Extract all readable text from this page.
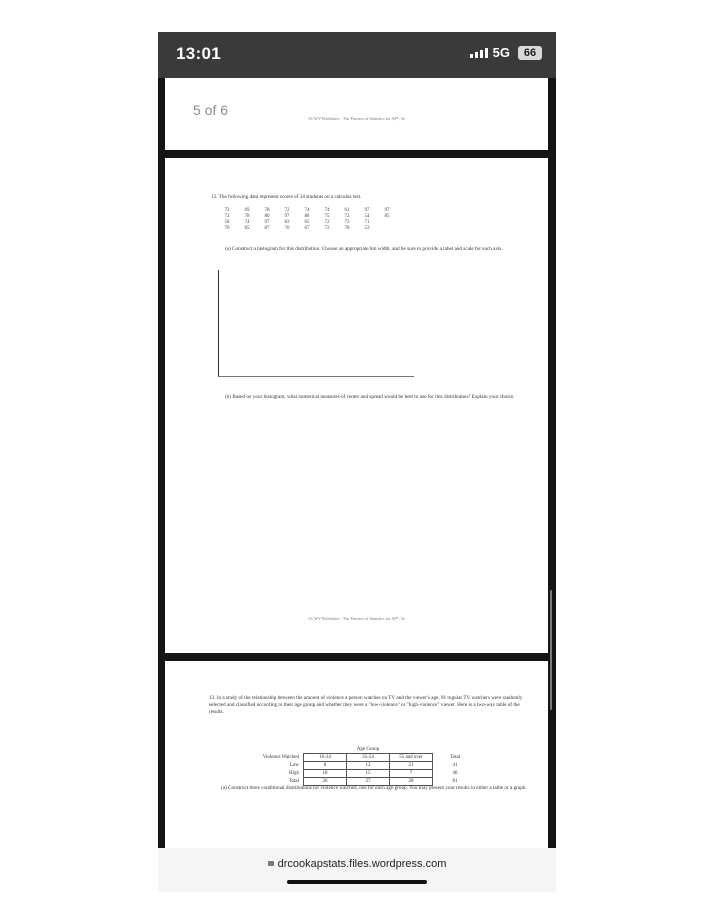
13:01	5G	66
5 of 6
©CWV Publishers · The Practice of Statistics for AP*, 5e
12. The following data represent scores of 34 students on a calculus test.
72	69	78	72	74	74	61	97	97
72	78	80	97	88	75	72	54	85
58	74	97	83	65	72	73	71
70	85	87	76	67	72	78	53
(a) Construct a histogram for this distribution. Choose an appropriate bin width, and be sure to provide a label and scale for each axis.
(b) Based on your histogram, what numerical measures of center and spread would be best to use for this distribution? Explain your choice.
©CWV Publishers · The Practice of Statistics for AP*, 5e
13. In a study of the relationship between the amount of violence a person watches on TV and the viewer's age, 81 regular TV watchers were randomly selected and classified according to their age group and whether they were a "low-violence" or "high-violence" viewer. Here is a two-way table of the results.
	Age Group			
Violence Watched	16-34	35-54	55 and over	Total
Low	8	12	21	41
High	18	15	7	40
Total	26	27	28	81
(a) Construct three conditional distributions for violence watched, one for each age group. You may present your results in either a table or a graph.
drcookapstats.files.wordpress.com
